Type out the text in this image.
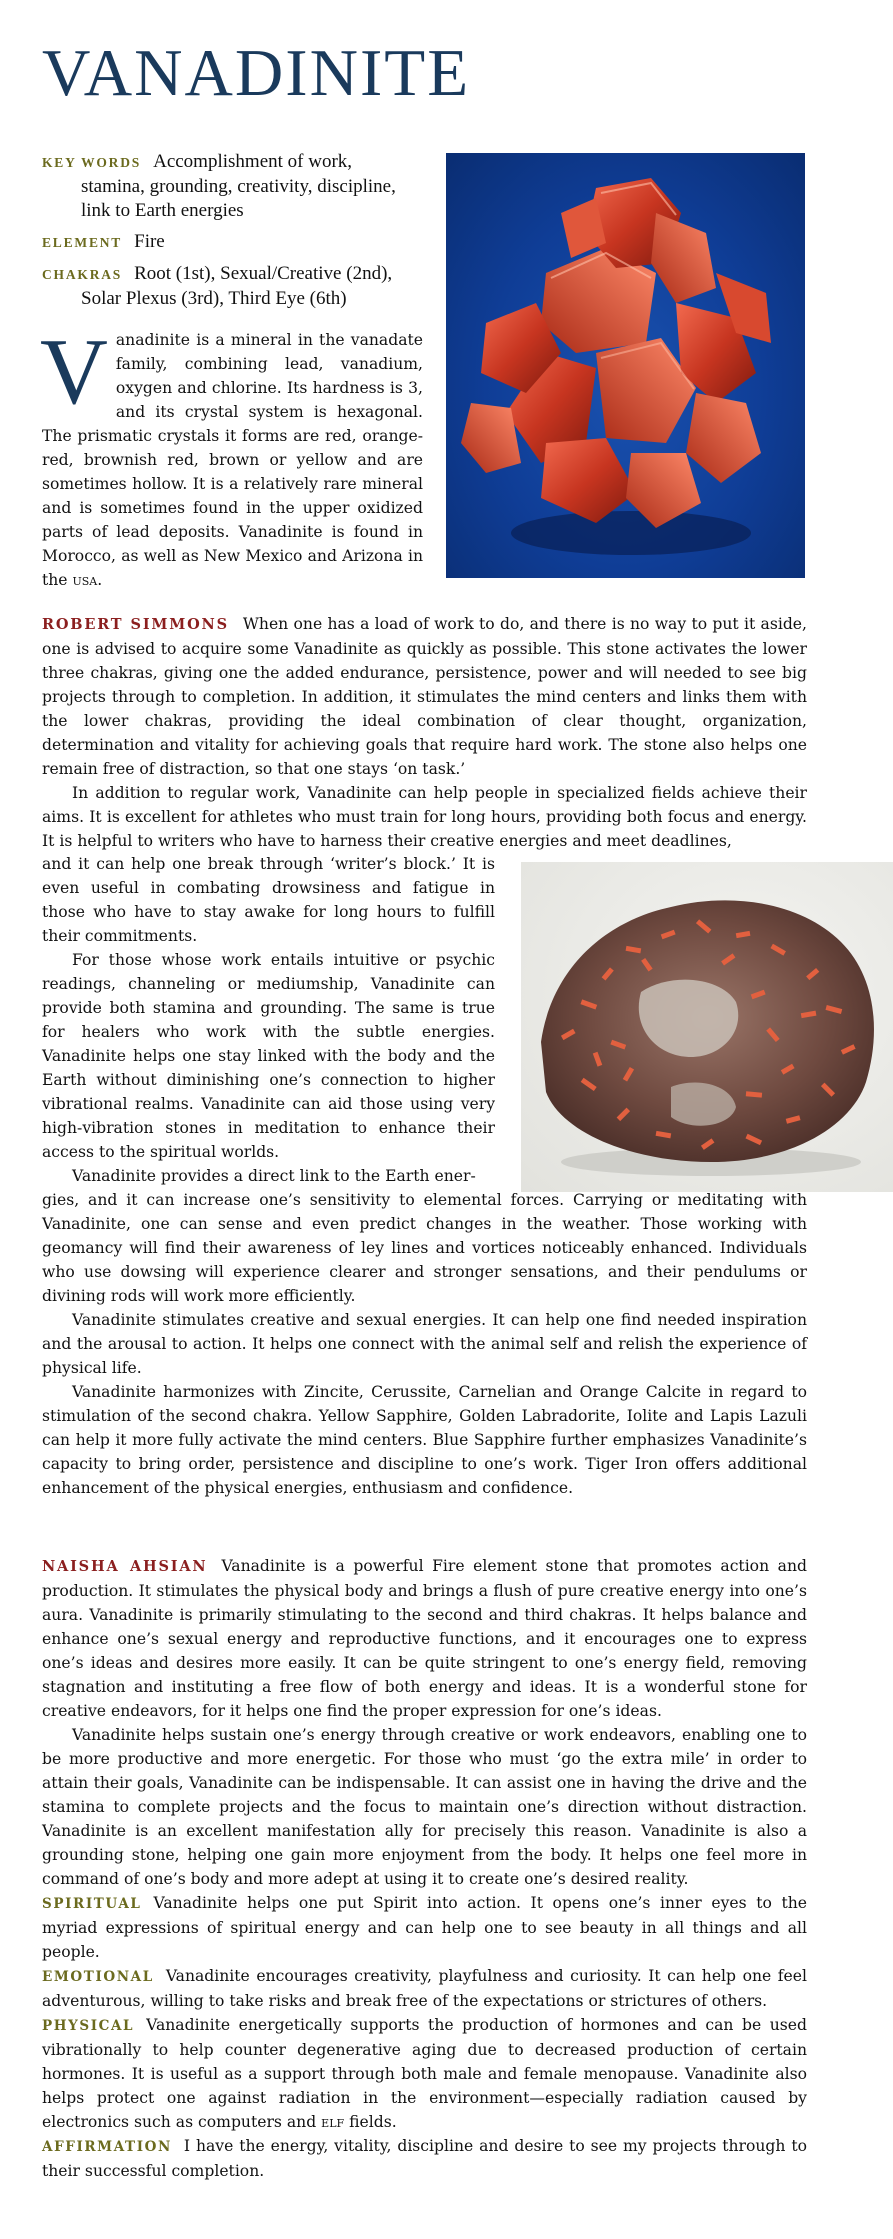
VANADINITE

KEY WORDS Accomplishment of work,

stamina, grounding, creativity, discipline, link to Earth energies

ELEMENT Fire

CHAKRAS Root (1st), Sexual/Creative (2nd),

Solar Plexus (3rd), Third Eye (6th)

Vanadinite is a mineral in the vanadate family, combining lead, vanadium, oxygen and chlorine. Its hardness is 3, and its crystal system is hexagonal. The prismatic crystals it forms are red, orange-red, brownish red, brown or yellow and are sometimes hollow. It is a relatively rare mineral and is sometimes found in the upper oxidized parts of lead deposits. Vanadinite is found in Morocco, as well as New Mexico and Arizona in the usa.

ROBERT SIMMONS When one has a load of work to do, and there is no way to put it aside, one is advised to acquire some Vanadinite as quickly as possible. This stone activates the lower three chakras, giving one the added endurance, persistence, power and will needed to see big projects through to completion. In addition, it stimulates the mind centers and links them with the lower chakras, providing the ideal combination of clear thought, organization, determination and vitality for achieving goals that require hard work. The stone also helps one remain free of distraction, so that one stays ‘on task.’

In addition to regular work, Vanadinite can help people in specialized fields achieve their aims. It is excellent for athletes who must train for long hours, providing both focus and energy. It is helpful to writers who have to harness their creative energies and meet deadlines,

and it can help one break through ‘writer’s block.’ It is even useful in combating drowsiness and fatigue in those who have to stay awake for long hours to fulfill their commitments.

For those whose work entails intuitive or psychic readings, channeling or mediumship, Vanadinite can provide both stamina and grounding. The same is true for healers who work with the subtle energies. Vanadinite helps one stay linked with the body and the Earth without diminishing one’s connection to higher vibrational realms. Vanadinite can aid those using very high-vibration stones in meditation to enhance their access to the spiritual worlds.

Vanadinite provides a direct link to the Earth ener-

gies, and it can increase one’s sensitivity to elemental forces. Carrying or meditating with Vanadinite, one can sense and even predict changes in the weather. Those working with geomancy will find their awareness of ley lines and vortices noticeably enhanced. Individuals who use dowsing will experience clearer and stronger sensations, and their pendulums or divining rods will work more efficiently.

Vanadinite stimulates creative and sexual energies. It can help one find needed inspiration and the arousal to action. It helps one connect with the animal self and relish the experience of physical life.

Vanadinite harmonizes with Zincite, Cerussite, Carnelian and Orange Calcite in regard to stimulation of the second chakra. Yellow Sapphire, Golden Labradorite, Iolite and Lapis Lazuli can help it more fully activate the mind centers. Blue Sapphire further emphasizes Vanadinite’s capacity to bring order, persistence and discipline to one’s work. Tiger Iron offers additional enhancement of the physical energies, enthusiasm and confidence.

NAISHA AHSIAN Vanadinite is a powerful Fire element stone that promotes action and production. It stimulates the physical body and brings a flush of pure creative energy into one’s aura. Vanadinite is primarily stimulating to the second and third chakras. It helps balance and enhance one’s sexual energy and reproductive functions, and it encourages one to express one’s ideas and desires more easily. It can be quite stringent to one’s energy field, removing stagnation and instituting a free flow of both energy and ideas. It is a wonderful stone for creative endeavors, for it helps one find the proper expression for one’s ideas.

Vanadinite helps sustain one’s energy through creative or work endeavors, enabling one to be more productive and more energetic. For those who must ‘go the extra mile’ in order to attain their goals, Vanadinite can be indispensable. It can assist one in having the drive and the stamina to complete projects and the focus to maintain one’s direction without distraction. Vanadinite is an excellent manifestation ally for precisely this reason. Vanadinite is also a grounding stone, helping one gain more enjoyment from the body. It helps one feel more in command of one’s body and more adept at using it to create one’s desired reality.

SPIRITUAL Vanadinite helps one put Spirit into action. It opens one’s inner eyes to the myriad expressions of spiritual energy and can help one to see beauty in all things and all people.

EMOTIONAL Vanadinite encourages creativity, playfulness and curiosity. It can help one feel adventurous, willing to take risks and break free of the expectations or strictures of others.

PHYSICAL Vanadinite energetically supports the production of hormones and can be used vibrationally to help counter degenerative aging due to decreased production of certain hormones. It is useful as a support through both male and female menopause. Vanadinite also helps protect one against radiation in the environment—especially radiation caused by electronics such as computers and elf fields.

AFFIRMATION I have the energy, vitality, discipline and desire to see my projects through to their successful completion.
